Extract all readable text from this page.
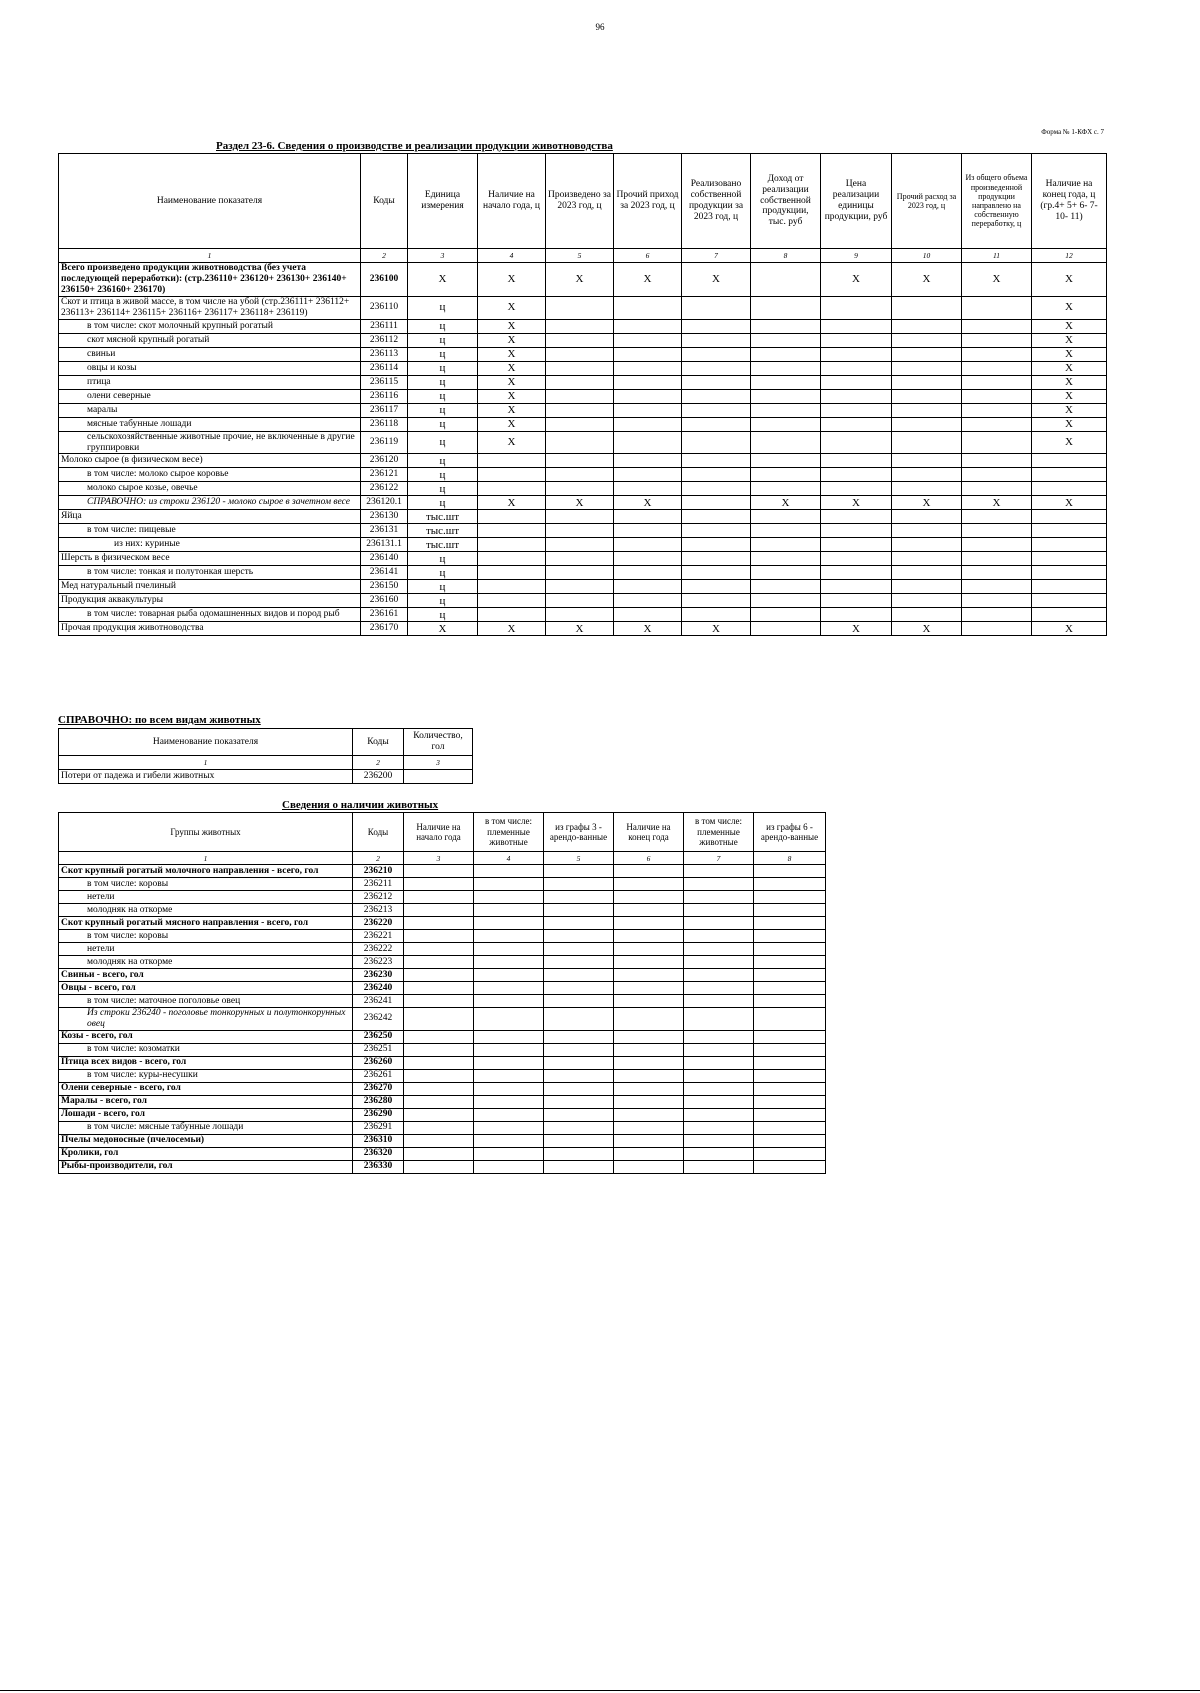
96
Форма № 1-КФХ с. 7
Раздел 23-6. Сведения о производстве и реализации продукции животноводства
Наименование показателя	Коды	Единица измерения	Наличие на начало года, ц	Произведено за 2023 год, ц	Прочий приход за 2023 год, ц	Реализовано собственной продукции за 2023 год, ц	Доход от реализации собственной продукции, тыс. руб	Цена реализации единицы продукции, руб	Прочий расход за 2023 год, ц	Из общего объема произведенной продукции направлено на собственную переработку, ц	Наличие на конец года, ц (гр.4+ 5+ 6- 7- 10- 11)
1	2	3	4	5	6	7	8	9	10	11	12
Всего произведено продукции животноводства (без учета последующей переработки): (стр.236110+ 236120+ 236130+ 236140+ 236150+ 236160+ 236170)	236100	X	X	X	X	X		X	X	X	X
Скот и птица в живой массе, в том числе на убой (стр.236111+ 236112+ 236113+ 236114+ 236115+ 236116+ 236117+ 236118+ 236119)	236110	ц	X								X
в том числе: скот молочный крупный рогатый	236111	ц	X								X
скот мясной крупный рогатый	236112	ц	X								X
свиньи	236113	ц	X								X
овцы и козы	236114	ц	X								X
птица	236115	ц	X								X
олени северные	236116	ц	X								X
маралы	236117	ц	X								X
мясные табунные лошади	236118	ц	X								X
сельскохозяйственные животные прочие, не включенные в другие группировки	236119	ц	X								X
Молоко сырое (в физическом весе)	236120	ц									
в том числе: молоко сырое коровье	236121	ц									
молоко сырое козье, овечье	236122	ц									
СПРАВОЧНО: из строки 236120 - молоко сырое в зачетном весе	236120.1	ц	X	X	X		X	X	X	X	X
Яйца	236130	тыс.шт									
в том числе: пищевые	236131	тыс.шт									
из них: куриные	236131.1	тыс.шт									
Шерсть в физическом весе	236140	ц									
в том числе: тонкая и полутонкая шерсть	236141	ц									
Мед натуральный пчелиный	236150	ц									
Продукция аквакультуры	236160	ц									
в том числе: товарная рыба одомашненных видов и пород рыб	236161	ц									
Прочая продукция животноводства	236170	X	X	X	X	X		X	X		X
СПРАВОЧНО: по всем видам животных
Наименование показателя	Коды	Количество, гол
1	2	3
Потери от падежа и гибели животных	236200	
Сведения о наличии животных
Группы животных	Коды	Наличие на начало года	в том числе: племенные животные	из графы 3 - арендо-ванные	Наличие на конец года	в том числе: племенные животные	из графы 6 - арендо-ванные
1	2	3	4	5	6	7	8
Скот крупный рогатый молочного направления - всего, гол	236210						
в том числе: коровы	236211						
нетели	236212						
молодняк на откорме	236213						
Скот крупный рогатый мясного направления - всего, гол	236220						
в том числе: коровы	236221						
нетели	236222						
молодняк на откорме	236223						
Свиньи - всего, гол	236230						
Овцы - всего, гол	236240						
в том числе: маточное поголовье овец	236241						
Из строки 236240 - поголовье тонкорунных и полутонкорунных овец	236242						
Козы - всего, гол	236250						
в том числе: козоматки	236251						
Птица всех видов - всего, гол	236260						
в том числе: куры-несушки	236261						
Олени северные - всего, гол	236270						
Маралы - всего, гол	236280						
Лошади - всего, гол	236290						
в том числе: мясные табунные лошади	236291						
Пчелы медоносные (пчелосемьи)	236310						
Кролики, гол	236320						
Рыбы-производители, гол	236330						
